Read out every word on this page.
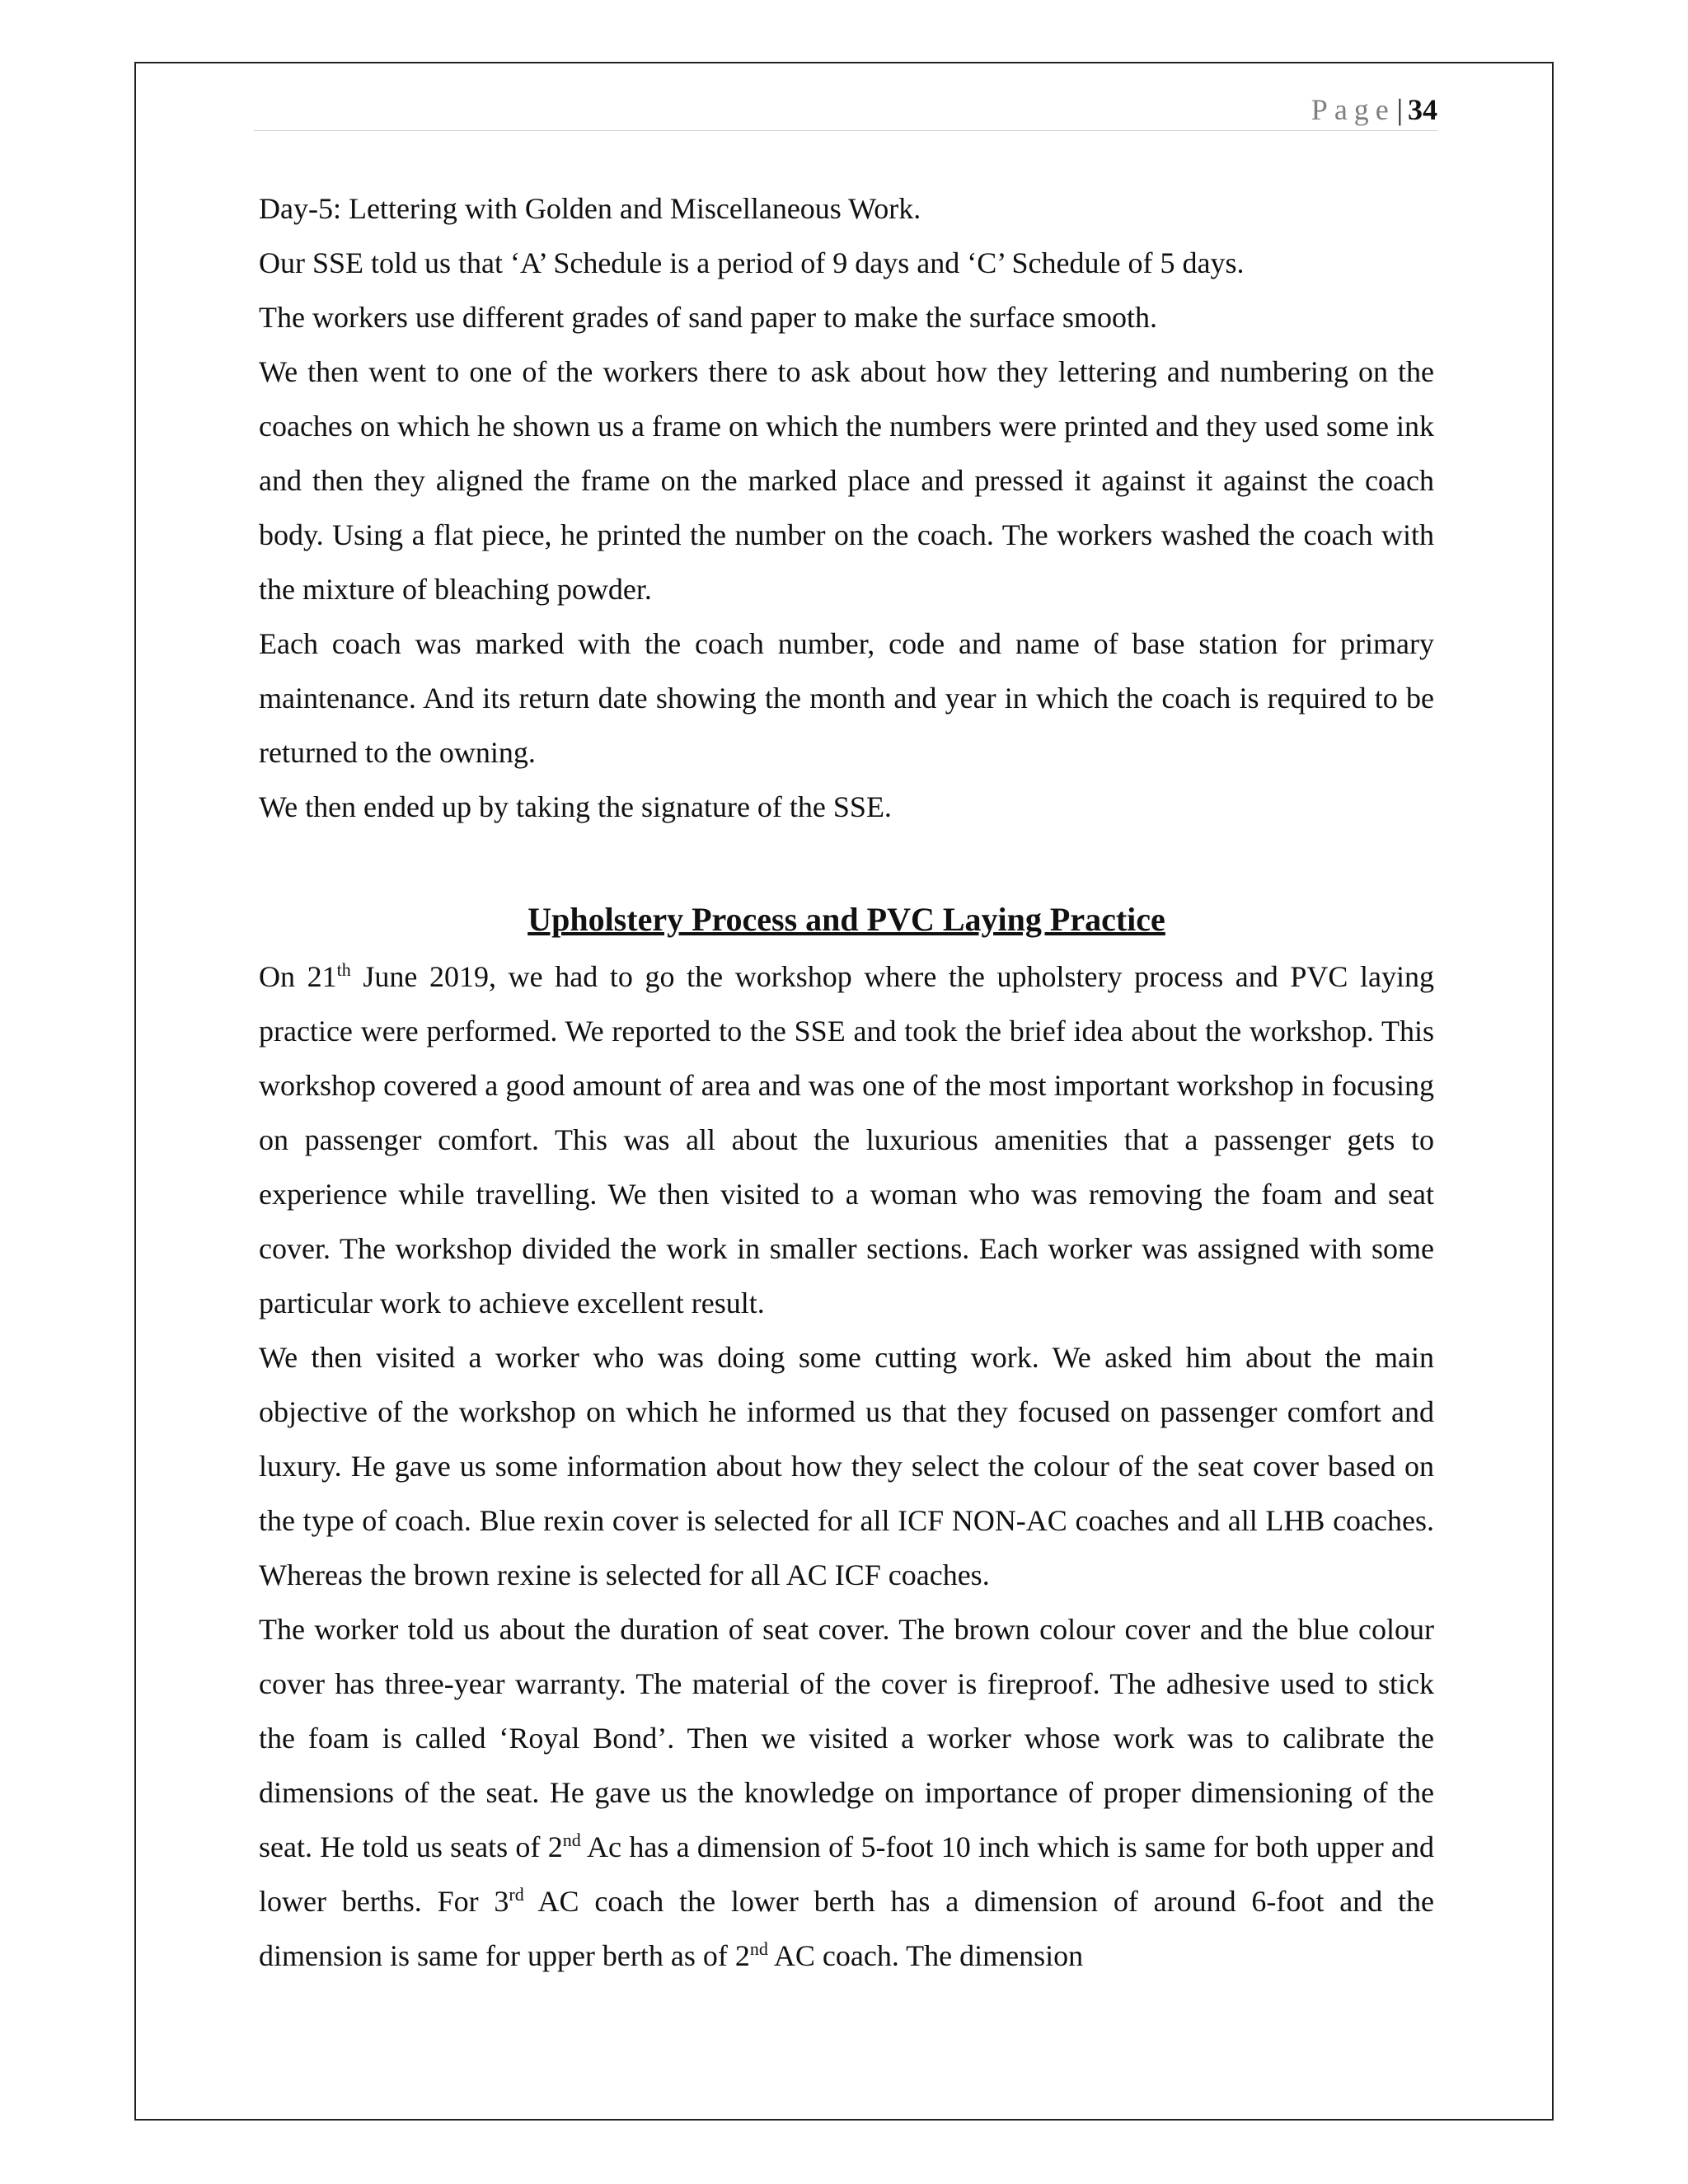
Page| 34

Day-5: Lettering with Golden and Miscellaneous Work.

Our SSE told us that ‘A’ Schedule is a period of 9 days and ‘C’ Schedule of 5 days.

The workers use different grades of sand paper to make the surface smooth.

We then went to one of the workers there to ask about how they lettering and numbering on the coaches on which he shown us a frame on which the numbers were printed and they used some ink and then they aligned the frame on the marked place and pressed it against it against the coach body. Using a flat piece, he printed the number on the coach. The workers washed the coach with the mixture of bleaching powder.

Each coach was marked with the coach number, code and name of base station for primary maintenance. And its return date showing the month and year in which the coach is required to be returned to the owning.

We then ended up by taking the signature of the SSE.

Upholstery Process and PVC Laying Practice

On 21th June 2019, we had to go the workshop where the upholstery process and PVC laying practice were performed. We reported to the SSE and took the brief idea about the workshop. This workshop covered a good amount of area and was one of the most important workshop in focusing on passenger comfort. This was all about the luxurious amenities that a passenger gets to experience while travelling. We then visited to a woman who was removing the foam and seat cover. The workshop divided the work in smaller sections. Each worker was assigned with some particular work to achieve excellent result.

We then visited a worker who was doing some cutting work. We asked him about the main objective of the workshop on which he informed us that they focused on passenger comfort and luxury. He gave us some information about how they select the colour of the seat cover based on the type of coach. Blue rexin cover is selected for all ICF NON-AC coaches and all LHB coaches. Whereas the brown rexine is selected for all AC ICF coaches.

The worker told us about the duration of seat cover. The brown colour cover and the blue colour cover has three-year warranty. The material of the cover is fireproof. The adhesive used to stick the foam is called ‘Royal Bond’. Then we visited a worker whose work was to calibrate the dimensions of the seat. He gave us the knowledge on importance of proper dimensioning of the seat. He told us seats of 2nd Ac has a dimension of 5-foot 10 inch which is same for both upper and lower berths. For 3rd AC coach the lower berth has a dimension of around 6-foot and the dimension is same for upper berth as of 2nd AC coach. The dimension
